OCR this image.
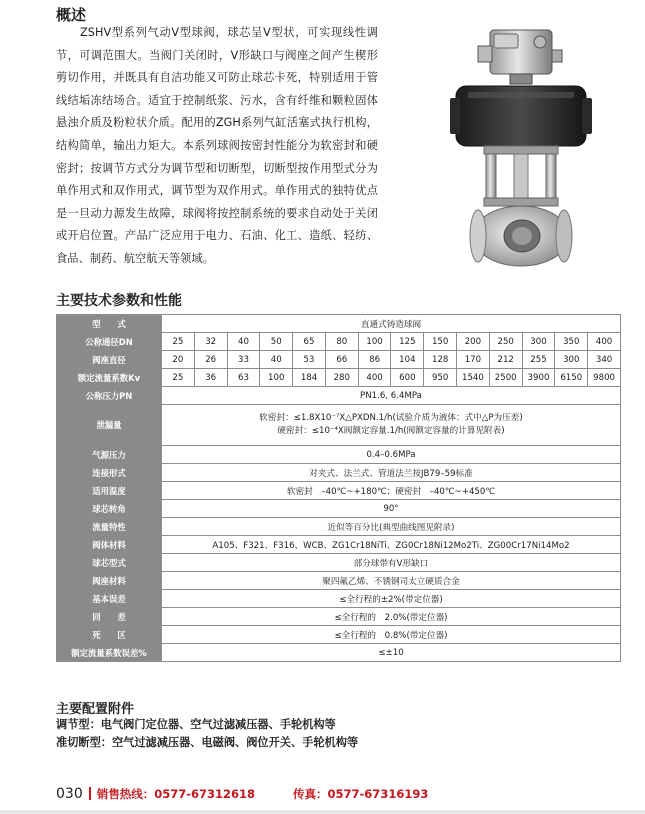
概述

ZSHV型系列气动V型球阀，球芯呈V型状，可实现线性调节，可调范围大。当阀门关闭时，V形缺口与阀座之间产生楔形剪切作用，并既具有自洁功能又可防止球芯卡死，特别适用于管线结垢冻结场合。适宜于控制纸浆、污水，含有纤维和颗粒固体悬浊介质及粉粒状介质。配用的ZGH系列气缸活塞式执行机构，结构简单，输出力矩大。本系列球阀按密封性能分为软密封和硬密封；按调节方式分为调节型和切断型，切断型按作用型式分为单作用式和双作用式，调节型为双作用式。单作用式的独特优点是一旦动力源发生故障，球阀将按控制系统的要求自动处于关闭或开启位置。产品广泛应用于电力、石油、化工、造纸、轻纺、食品、制药、航空航天等领域。

主要技术参数和性能
型　　式	直通式铸造球阀													
公称通径DN	25	32	40	50	65	80	100	125	150	200	250	300	350	400
阀座直径	20	26	33	40	53	66	86	104	128	170	212	255	300	340
额定流量系数Kv	25	36	63	100	184	280	400	600	950	1540	2500	3900	6150	9800
公称压力PN	PN1.6, 6.4MPa													
泄漏量	软密封：≤1.8X10⁻⁷X△PXDN.1/h(试验介质为液体：式中△P为压差)
硬密封：≤10⁻⁴X阀额定容量.1/h(阀额定容量的计算见附表)													

气源压力	0.4–0.6MPa													
连接形式	对夹式、法兰式、管道法兰按JB79–59标准													
适用温度	软密封　–40℃~+180℃；硬密封　–40℃~+450℃													
球芯转角	90°													
流量特性	近似等百分比(典型曲线图见附录)													
阀体材料	A105、F321、F316、WCB、ZG1Cr18NiTi、ZG0Cr18Ni12Mo2Ti、ZG00Cr17Ni14Mo2													
球芯型式	部分球带有V形缺口													
阀座材料	聚四氟乙烯、不锈钢司太立硬质合金													
基本误差	≤全行程的±2%(带定位器)													
回　　差	≤全行程的　2.0%(带定位器)													
死　　区	≤全行程的　0.8%(带定位器)													
额定流量系数误差%	≤±10													
主要配置附件

调节型：电气阀门定位器、空气过滤减压器、手轮机构等

准切断型：空气过滤减压器、电磁阀、阀位开关、手轮机构等

030 销售热线：0577-67312618	传真：0577-67316193
